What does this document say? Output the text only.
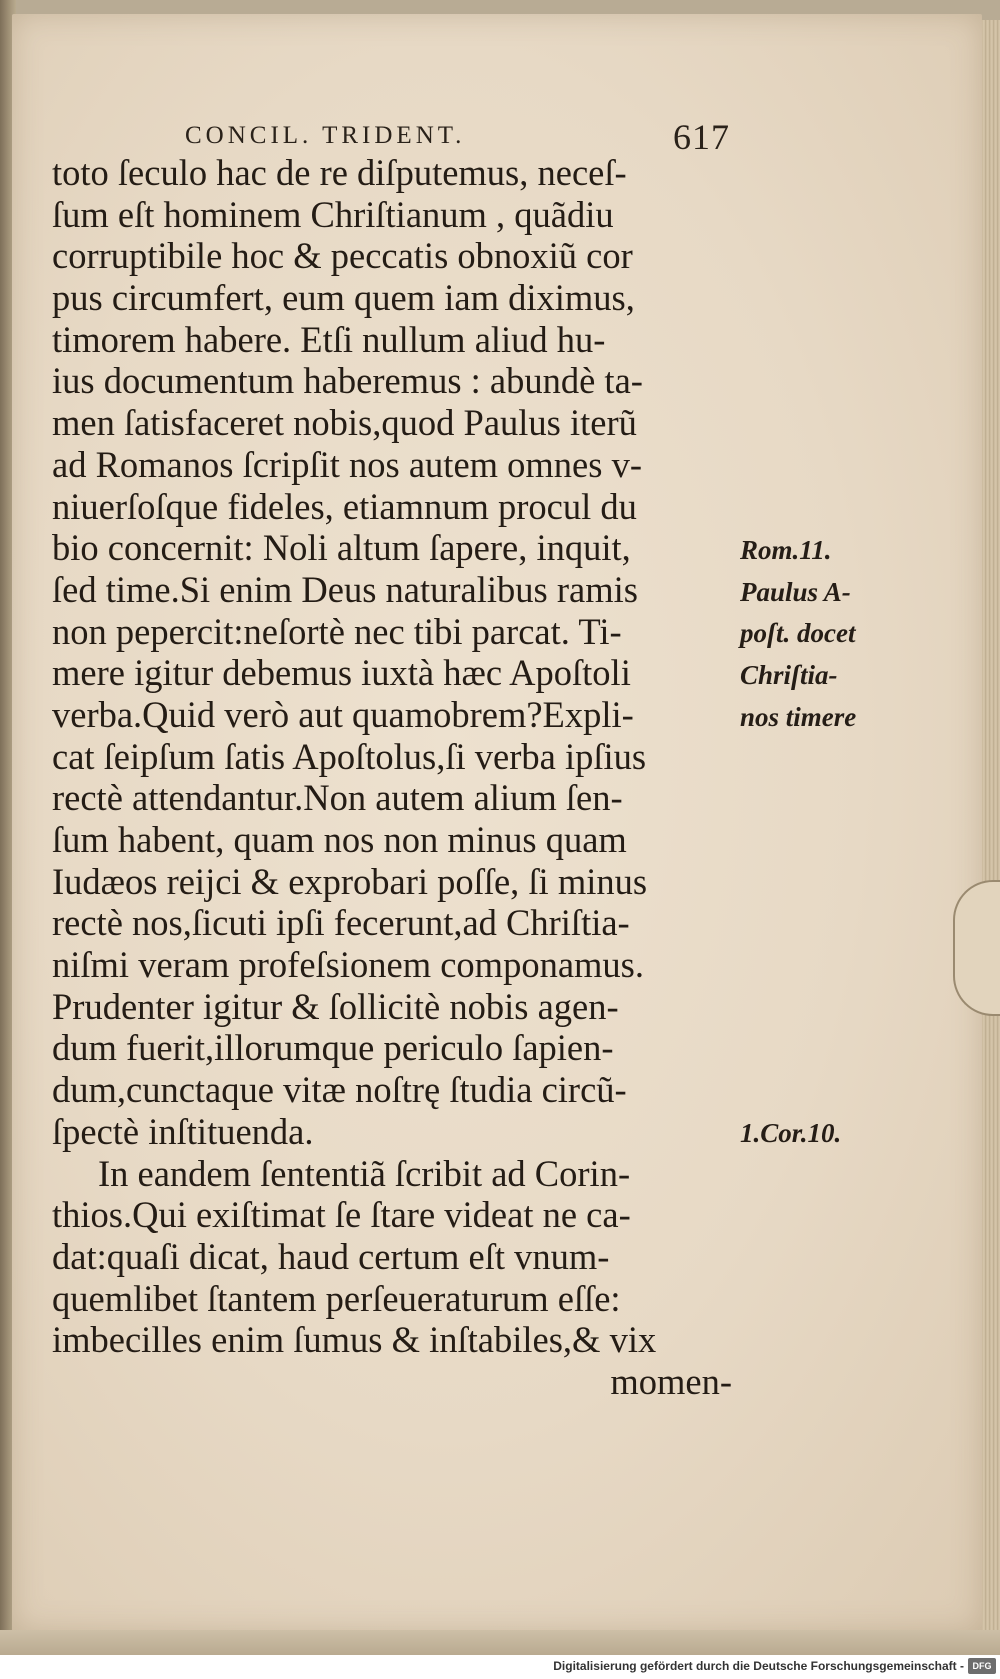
CONCIL. TRIDENT.	617
toto ſeculo hac de re diſputemus, neceſ-
ſum eſt hominem Chriſtianum , quãdiu
corruptibile hoc & peccatis obnoxiũ cor
pus circumfert, eum quem iam diximus,
timorem habere. Etſi nullum aliud hu-
ius documentum haberemus : abundè ta-
men ſatisfaceret nobis,quod Paulus iterũ
ad Romanos ſcripſit nos autem omnes v-
niuerſoſque fideles, etiamnum procul du
bio concernit: Noli altum ſapere, inquit,
ſed time.Si enim Deus naturalibus ramis
non pepercit:neſortè nec tibi parcat. Ti-
mere igitur debemus iuxtà hæc Apoſtoli
verba.Quid verò aut quamobrem?Expli-
cat ſeipſum ſatis Apoſtolus,ſi verba ipſius
rectè attendantur.Non autem alium ſen-
ſum habent, quam nos non minus quam
Iudæos reijci & exprobari poſſe, ſi minus
rectè nos,ſicuti ipſi fecerunt,ad Chriſtia-
niſmi veram profeſsionem componamus.
Prudenter igitur & ſollicitè nobis agen-
dum fuerit,illorumque periculo ſapien-
dum,cunctaque vitæ noſtrę ſtudia circũ-
ſpectè inſtituenda.
In eandem ſententiã ſcribit ad Corin-
thios.Qui exiſtimat ſe ſtare videat ne ca-
dat:quaſi dicat, haud certum eſt vnum-
quemlibet ſtantem perſeueraturum eſſe:
imbecilles enim ſumus & inſtabiles,& vix
momen-
Rom.11.
Paulus A-
poſt. docet
Chriſtia-
nos timere
1.Cor.10.
Digitalisierung gefördert durch die Deutsche Forschungsgemeinschaft - DFG
